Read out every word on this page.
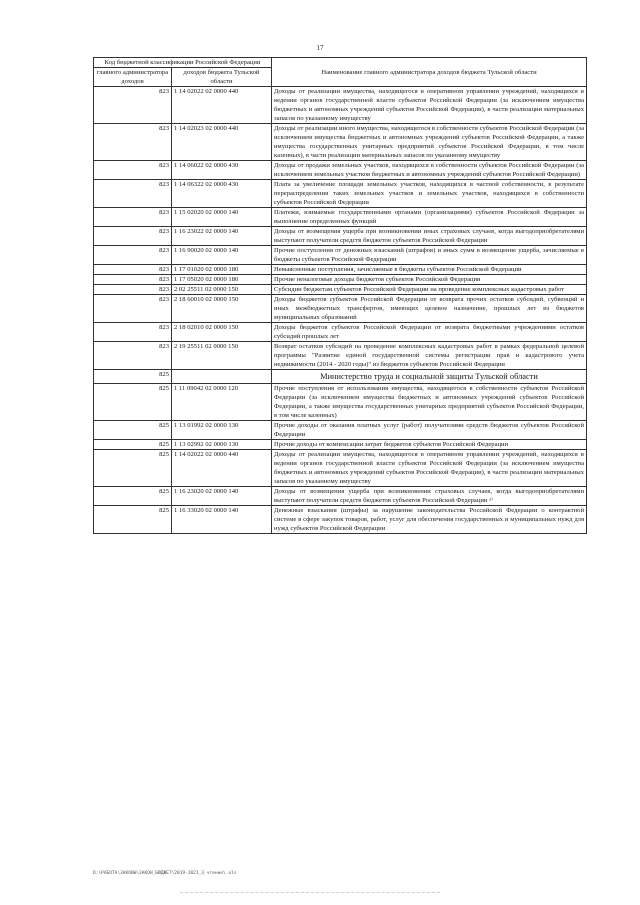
17
Код бюджетной классификации Российской Федерации		Наименование главного администратора доходов бюджета Тульской области
главного администратора доходов	доходов бюджета Тульской области	
823	1 14 02022 02 0000 440	Доходы от реализации имущества, находящегося в оперативном управлении учреждений, находящихся в ведении органов государственной власти субъектов Российской Федерации (за исключением имущества бюджетных и автономных учреждений субъектов Российской Федерации), в части реализации материальных запасов по указанному имуществу
823	1 14 02023 02 0000 440	Доходы от реализации иного имущества, находящегося в собственности субъектов Российской Федерации (за исключением имущества бюджетных и автономных учреждений субъектов Российской Федерации, а также имущества государственных унитарных предприятий субъектов Российской Федерации, в том числе казенных), в части реализации материальных запасов по указанному имуществу
823	1 14 06022 02 0000 430	Доходы от продажи земельных участков, находящихся в собственности субъектов Российской Федерации (за исключением земельных участков бюджетных и автономных учреждений субъектов Российской Федерации)
823	1 14 06322 02 0000 430	Плата за увеличение площади земельных участков, находящихся в частной собственности, в результате перераспределения таких земельных участков и земельных участков, находящихся в собственности субъектов Российской Федерации
823	1 15 02020 02 0000 140	Платежи, взимаемые государственными органами (организациями) субъектов Российской Федерации за выполнение определенных функций
823	1 16 23022 02 0000 140	Доходы от возмещения ущерба при возникновении иных страховых случаев, когда выгодоприобретателями выступают получатели средств бюджетов субъектов Российской Федерации
823	1 16 90020 02 0000 140	Прочие поступления от денежных взысканий (штрафов) и иных сумм в возмещение ущерба, зачисляемые в бюджеты субъектов Российской Федерации
823	1 17 01020 02 0000 180	Невыясненные поступления, зачисляемые в бюджеты субъектов Российской Федерации
823	1 17 05020 02 0000 180	Прочие неналоговые доходы бюджетов субъектов Российской Федерации
823	2 02 25511 02 0000 150	Субсидии бюджетам субъектов Российской Федерации на проведение комплексных кадастровых работ
823	2 18 60010 02 0000 150	Доходы бюджетов субъектов Российской Федерации от возврата прочих остатков субсидий, субвенций и иных межбюджетных трансфертов, имеющих целевое назначение, прошлых лет из бюджетов муниципальных образований
823	2 18 02010 02 0000 150	Доходы бюджетов субъектов Российской Федерации от возврата бюджетными учреждениями остатков субсидий прошлых лет
823	2 19 25511 02 0000 150	Возврат остатков субсидий на проведение комплексных кадастровых работ в рамках федеральной целевой программы "Развитие единой государственной системы регистрации прав и кадастрового учета недвижимости (2014 - 2020 годы)" из бюджетов субъектов Российской Федерации
825		Министерство труда и социальной защиты Тульской области
825	1 11 09042 02 0000 120	Прочие поступления от использования имущества, находящегося в собственности субъектов Российской Федерации (за исключением имущества бюджетных и автономных учреждений субъектов Российской Федерации, а также имущества государственных унитарных предприятий субъектов Российской Федерации, в том числе казенных)
825	1 13 01992 02 0000 130	Прочие доходы от оказания платных услуг (работ) получателями средств бюджетов субъектов Российской Федерации
825	1 13 02992 02 0000 130	Прочие доходы от компенсации затрат бюджетов субъектов Российской Федерации
825	1 14 02022 02 0000 440	Доходы от реализации имущества, находящегося в оперативном управлении учреждений, находящихся в ведении органов государственной власти субъектов Российской Федерации (за исключением имущества бюджетных и автономных учреждений субъектов Российской Федерации), в части реализации материальных запасов по указанному имуществу
825	1 16 23020 02 0000 140	Доходы от возмещения ущерба при возникновении страховых случаев, когда выгодоприобретателями выступают получатели средств бюджетов субъектов Российской Федерации ¹⁾
825	1 16 33020 02 0000 140	Денежные взыскания (штрафы) за нарушение законодательства Российской Федерации о контрактной системе в сфере закупок товаров, работ, услуг для обеспечения государственных и муниципальных нужд для нужд субъектов Российской Федерации
D:\РАБОТА\ЗАКОНЫ\ЗАКОН_БЮДЖЕТ\2019-2021_3 чтение\.xls
